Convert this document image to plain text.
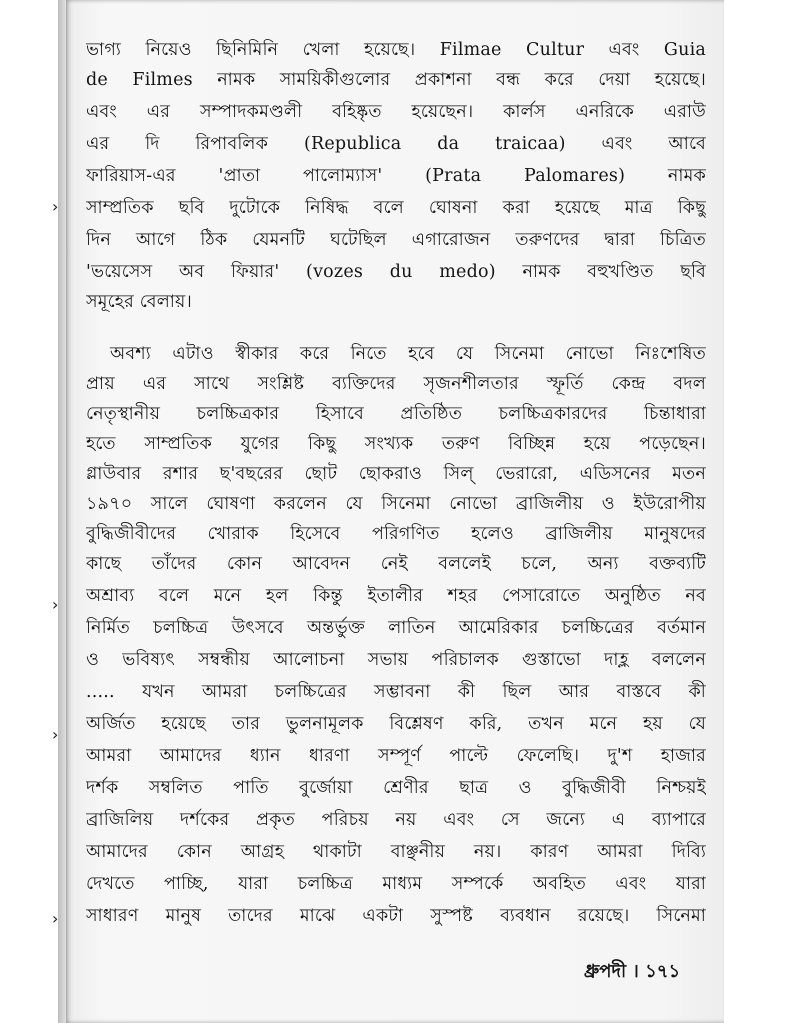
ভাগ্য নিয়েও ছিনিমিনি খেলা হয়েছে। Filmae Cultur এবং Guia
de Filmes নামক সাময়িকীগুলোর প্রকাশনা বন্ধ করে দেয়া হয়েছে।
এবং এর সম্পাদকমণ্ডলী বহিষ্কৃত হয়েছেন। কার্লস এনরিকে এরাউ
এর দি রিপাবলিক (Republica da traicaa) এবং আবে
ফারিয়াস-এর 'প্রাতা পালোম্যাস' (Prata Palomares) নামক
সাম্প্রতিক ছবি দুটোকে নিষিদ্ধ বলে ঘোষনা করা হয়েছে মাত্র কিছু
দিন আগে ঠিক যেমনটি ঘটেছিল এগারোজন তরুণদের দ্বারা চিত্রিত
'ভয়েসেস অব ফিয়ার' (vozes du medo) নামক বহুখণ্ডিত ছবি
সমূহের বেলায়।
অবশ্য এটাও স্বীকার করে নিতে হবে যে সিনেমা নোভো নিঃশেষিত
প্রায় এর সাথে সংশ্লিষ্ট ব্যক্তিদের সৃজনশীলতার স্ফূর্তি কেন্দ্র বদল
নেতৃস্থানীয় চলচ্চিত্রকার হিসাবে প্রতিষ্ঠিত চলচ্চিত্রকারদের চিন্তাধারা
হতে সাম্প্রতিক যুগের কিছু সংখ্যক তরুণ বিচ্ছিন্ন হয়ে পড়েছেন।
গ্লাউবার রশার ছ'বছরের ছোট ছোকরাও সিল্ ভেরারো, এডিসনের মতন
১৯৭০ সালে ঘোষণা করলেন যে সিনেমা নোভো ব্রাজিলীয় ও ইউরোপীয়
বুদ্ধিজীবীদের খোরাক হিসেবে পরিগণিত হলেও ব্রাজিলীয় মানুষদের
কাছে তাঁদের কোন আবেদন নেই বললেই চলে, অন্য বক্তব্যটি
অশ্রাব্য বলে মনে হল কিন্তু ইতালীর শহর পেসারোতে অনুষ্ঠিত নব
নির্মিত চলচ্চিত্র উৎসবে অন্তর্ভুক্ত লাতিন আমেরিকার চলচ্চিত্রের বর্তমান
ও ভবিষ্যৎ সম্বন্ধীয় আলোচনা সভায় পরিচালক গুস্তাভো দাহ্ল বললেন
..... যখন আমরা চলচ্চিত্রের সম্ভাবনা কী ছিল আর বাস্তবে কী
অর্জিত হয়েছে তার ভুলনামূলক বিশ্লেষণ করি, তখন মনে হয় যে
আমরা আমাদের ধ্যান ধারণা সম্পূর্ণ পাল্টে ফেলেছি। দু'শ হাজার
দর্শক সম্বলিত পাতি বুর্জোয়া শ্রেণীর ছাত্র ও বুদ্ধিজীবী নিশ্চয়ই
ব্রাজিলিয় দর্শকের প্রকৃত পরিচয় নয় এবং সে জন্যে এ ব্যাপারে
আমাদের কোন আগ্রহ থাকাটা বাঞ্ছনীয় নয়। কারণ আমরা দিব্যি
দেখতে পাচ্ছি, যারা চলচ্চিত্র মাধ্যম সম্পর্কে অবহিত এবং যারা
সাধারণ মানুষ তাদের মাঝে একটা সুস্পষ্ট ব্যবধান রয়েছে। সিনেমা
ধ্রুপদী । ১৭১
›
›
›
›
